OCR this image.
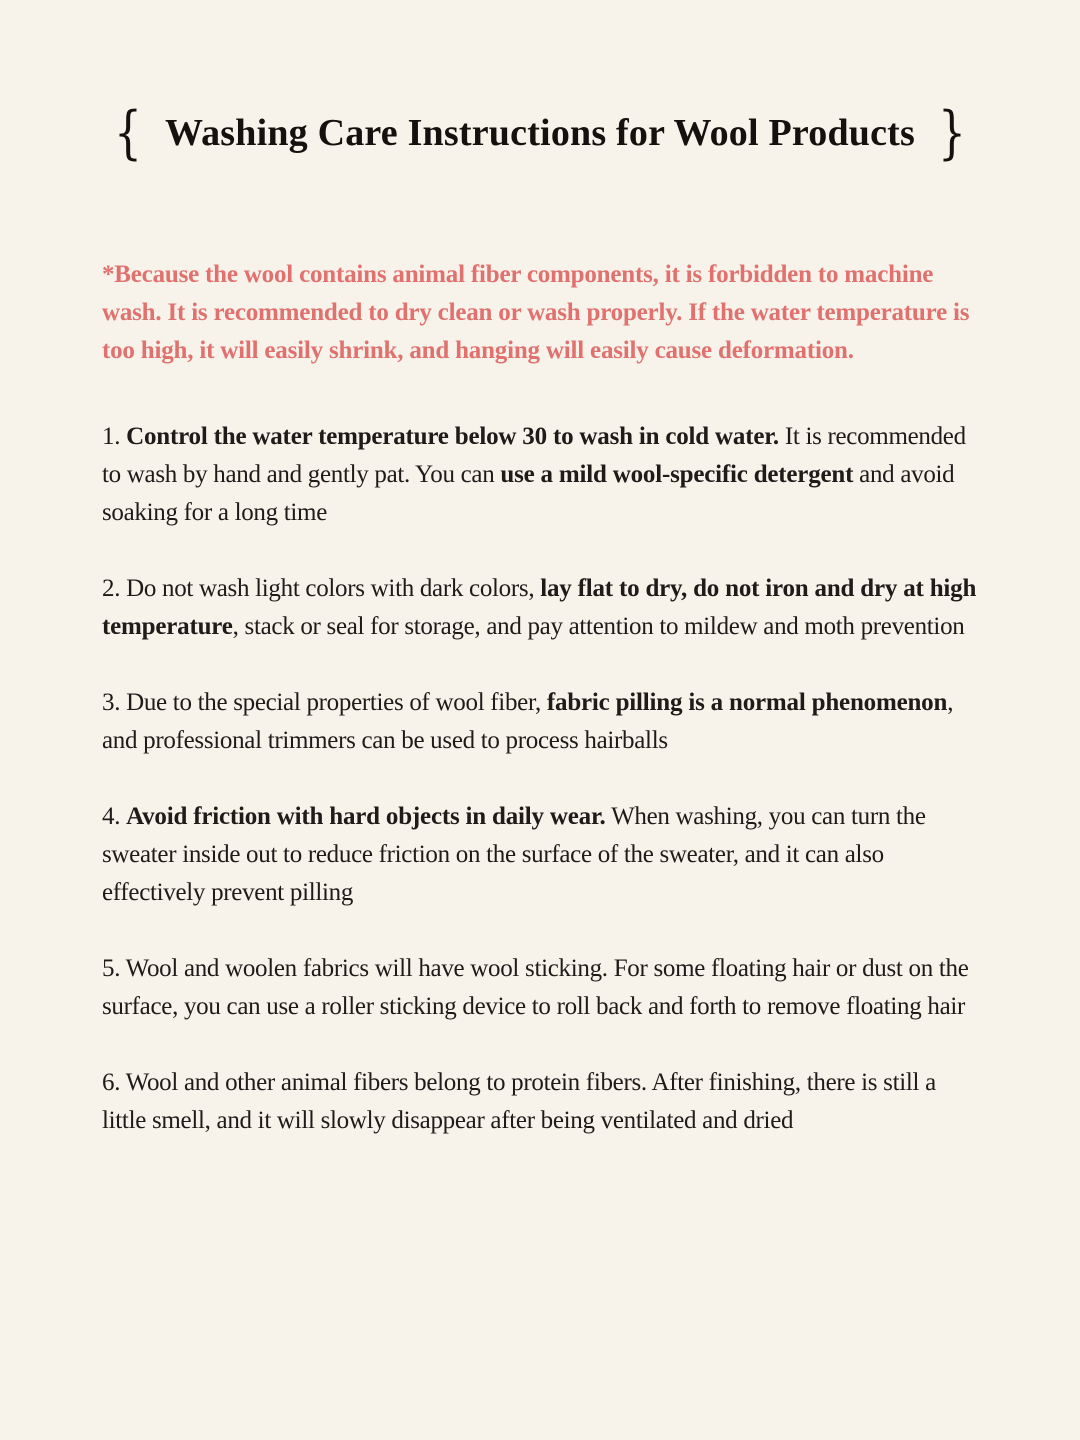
{ Washing Care Instructions for Wool Products }

*Because the wool contains animal fiber components, it is forbidden to machine wash. It is recommended to dry clean or wash properly. If the water temperature is too high, it will easily shrink, and hanging will easily cause deformation.

1. Control the water temperature below 30 to wash in cold water. It is recommended to wash by hand and gently pat. You can use a mild wool-specific detergent and avoid soaking for a long time

2. Do not wash light colors with dark colors, lay flat to dry, do not iron and dry at high temperature, stack or seal for storage, and pay attention to mildew and moth prevention

3. Due to the special properties of wool fiber, fabric pilling is a normal phenomenon, and professional trimmers can be used to process hairballs

4. Avoid friction with hard objects in daily wear. When washing, you can turn the sweater inside out to reduce friction on the surface of the sweater, and it can also effectively prevent pilling

5. Wool and woolen fabrics will have wool sticking. For some floating hair or dust on the surface, you can use a roller sticking device to roll back and forth to remove floating hair

6. Wool and other animal fibers belong to protein fibers. After finishing, there is still a little smell, and it will slowly disappear after being ventilated and dried
